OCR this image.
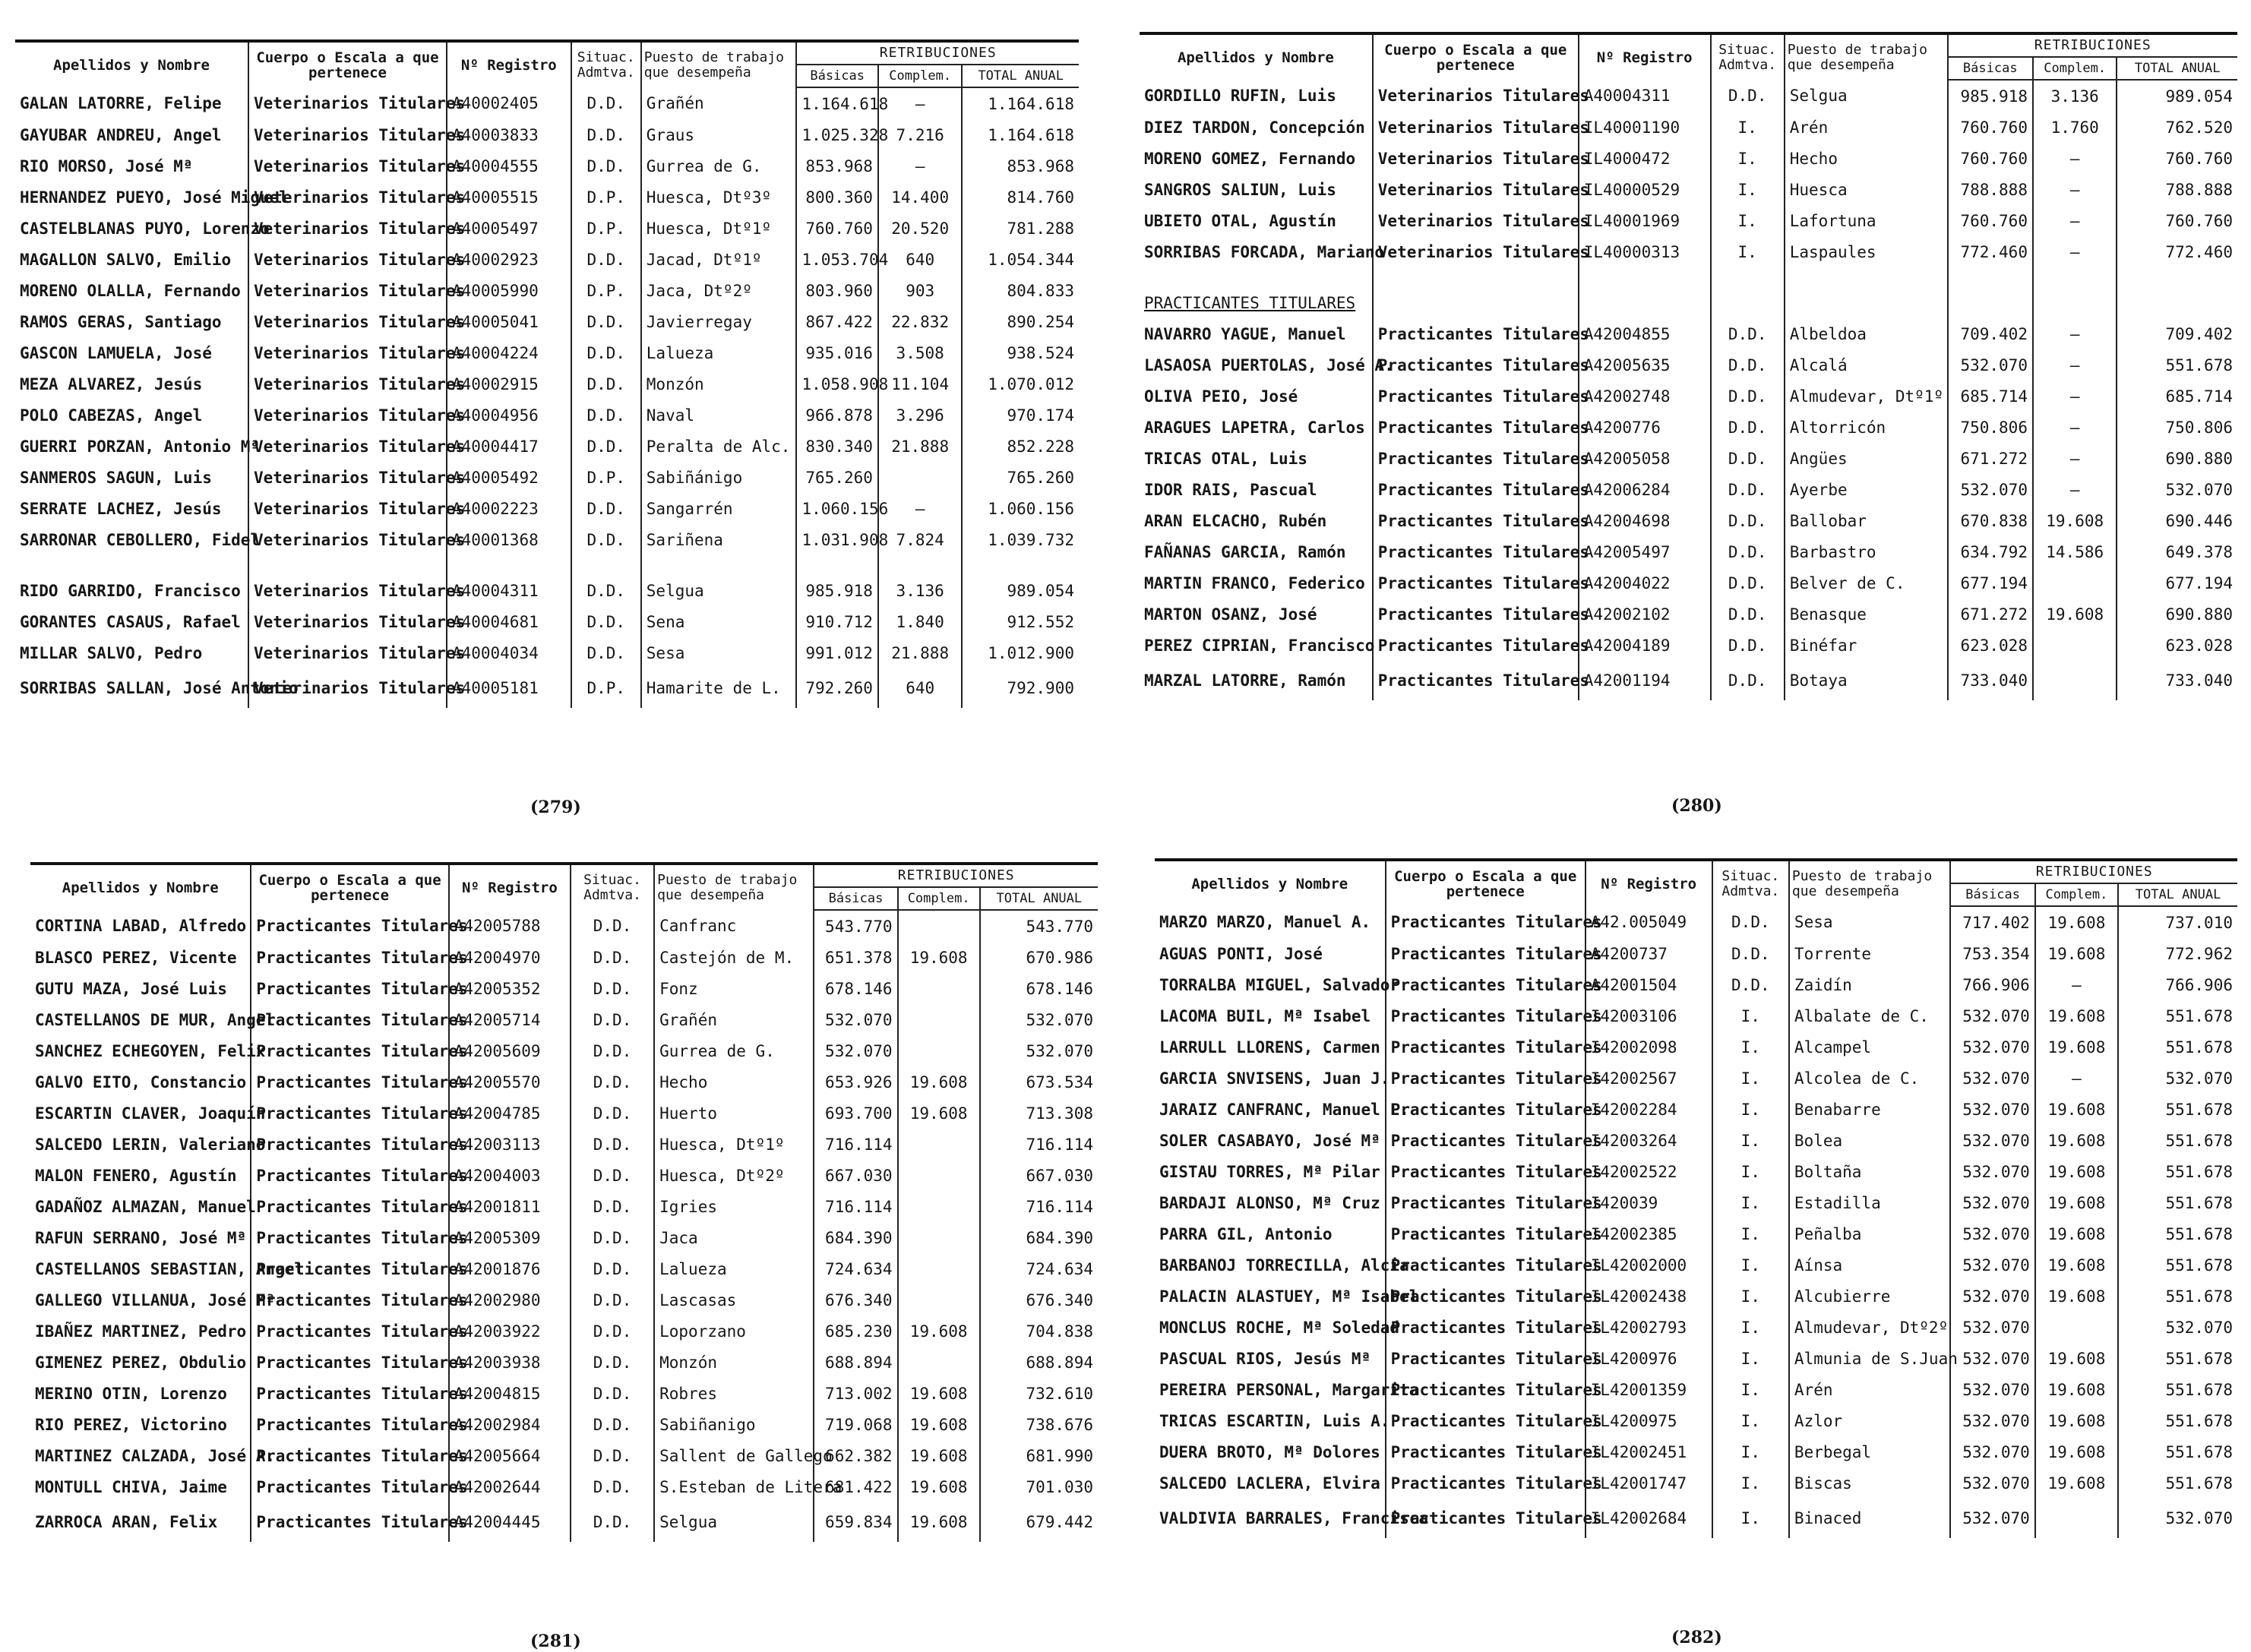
Apellidos y Nombre	Cuerpo o Escala a que pertenece	Nº Registro	Situac. Admtva.	Puesto de trabajo que desempeña	RETRIBUCIONES		
					Básicas	Complem.	TOTAL ANUAL
GALAN LATORRE, Felipe	Veterinarios Titulares	A40002405	D.D.	Grañén	1.164.618	—	1.164.618
GAYUBAR ANDREU, Angel	Veterinarios Titulares	A40003833	D.D.	Graus	1.025.328	7.216	1.164.618
RIO MORSO, José Mª	Veterinarios Titulares	A40004555	D.D.	Gurrea de G.	853.968	—	853.968
HERNANDEZ PUEYO, José Miguel	Veterinarios Titulares	A40005515	D.P.	Huesca, Dtº3º	800.360	14.400	814.760
CASTELBLANAS PUYO, Lorenzo	Veterinarios Titulares	A40005497	D.P.	Huesca, Dtº1º	760.760	20.520	781.288
MAGALLON SALVO, Emilio	Veterinarios Titulares	A40002923	D.D.	Jacad, Dtº1º	1.053.704	640	1.054.344
MORENO OLALLA, Fernando	Veterinarios Titulares	A40005990	D.P.	Jaca, Dtº2º	803.960	903	804.833
RAMOS GERAS, Santiago	Veterinarios Titulares	A40005041	D.D.	Javierregay	867.422	22.832	890.254
GASCON LAMUELA, José	Veterinarios Titulares	A40004224	D.D.	Lalueza	935.016	3.508	938.524
MEZA ALVAREZ, Jesús	Veterinarios Titulares	A40002915	D.D.	Monzón	1.058.908	11.104	1.070.012
POLO CABEZAS, Angel	Veterinarios Titulares	A40004956	D.D.	Naval	966.878	3.296	970.174
GUERRI PORZAN, Antonio Mª	Veterinarios Titulares	A40004417	D.D.	Peralta de Alc.	830.340	21.888	852.228
SANMEROS SAGUN, Luis	Veterinarios Titulares	A40005492	D.P.	Sabiñánigo	765.260		765.260
SERRATE LACHEZ, Jesús	Veterinarios Titulares	A40002223	D.D.	Sangarrén	1.060.156	—	1.060.156
SARRONAR CEBOLLERO, Fidel	Veterinarios Titulares	A40001368	D.D.	Sariñena	1.031.908	7.824	1.039.732

RIDO GARRIDO, Francisco	Veterinarios Titulares	A40004311	D.D.	Selgua	985.918	3.136	989.054
GORANTES CASAUS, Rafael	Veterinarios Titulares	A40004681	D.D.	Sena	910.712	1.840	912.552
MILLAR SALVO, Pedro	Veterinarios Titulares	A40004034	D.D.	Sesa	991.012	21.888	1.012.900
SORRIBAS SALLAN, José Antonio	Veterinarios Titulares	A40005181	D.P.	Hamarite de L.	792.260	640	792.900
Apellidos y Nombre	Cuerpo o Escala a que pertenece	Nº Registro	Situac. Admtva.	Puesto de trabajo que desempeña	RETRIBUCIONES		
					Básicas	Complem.	TOTAL ANUAL
GORDILLO RUFIN, Luis	Veterinarios Titulares	A40004311	D.D.	Selgua	985.918	3.136	989.054
DIEZ TARDON, Concepción	Veterinarios Titulares	IL40001190	I.	Arén	760.760	1.760	762.520
MORENO GOMEZ, Fernando	Veterinarios Titulares	IL4000472	I.	Hecho	760.760	—	760.760
SANGROS SALIUN, Luis	Veterinarios Titulares	IL40000529	I.	Huesca	788.888	—	788.888
UBIETO OTAL, Agustín	Veterinarios Titulares	IL40001969	I.	Lafortuna	760.760	—	760.760
SORRIBAS FORCADA, Mariano	Veterinarios Titulares	IL40000313	I.	Laspaules	772.460	—	772.460

PRACTICANTES TITULARES							
NAVARRO YAGUE, Manuel	Practicantes Titulares	A42004855	D.D.	Albeldoa	709.402	—	709.402
LASAOSA PUERTOLAS, José A.	Practicantes Titulares	A42005635	D.D.	Alcalá	532.070	—	551.678
OLIVA PEIO, José	Practicantes Titulares	A42002748	D.D.	Almudevar, Dtº1º	685.714	—	685.714
ARAGUES LAPETRA, Carlos	Practicantes Titulares	A4200776	D.D.	Altorricón	750.806	—	750.806
TRICAS OTAL, Luis	Practicantes Titulares	A42005058	D.D.	Angües	671.272	—	690.880
IDOR RAIS, Pascual	Practicantes Titulares	A42006284	D.D.	Ayerbe	532.070	—	532.070
ARAN ELCACHO, Rubén	Practicantes Titulares	A42004698	D.D.	Ballobar	670.838	19.608	690.446
FAÑANAS GARCIA, Ramón	Practicantes Titulares	A42005497	D.D.	Barbastro	634.792	14.586	649.378
MARTIN FRANCO, Federico	Practicantes Titulares	A42004022	D.D.	Belver de C.	677.194		677.194
MARTON OSANZ, José	Practicantes Titulares	A42002102	D.D.	Benasque	671.272	19.608	690.880
PEREZ CIPRIAN, Francisco	Practicantes Titulares	A42004189	D.D.	Binéfar	623.028		623.028
MARZAL LATORRE, Ramón	Practicantes Titulares	A42001194	D.D.	Botaya	733.040		733.040
Apellidos y Nombre	Cuerpo o Escala a que pertenece	Nº Registro	Situac. Admtva.	Puesto de trabajo que desempeña	RETRIBUCIONES		
					Básicas	Complem.	TOTAL ANUAL
CORTINA LABAD, Alfredo	Practicantes Titulares	A42005788	D.D.	Canfranc	543.770		543.770
BLASCO PEREZ, Vicente	Practicantes Titulares	A42004970	D.D.	Castejón de M.	651.378	19.608	670.986
GUTU MAZA, José Luis	Practicantes Titulares	A42005352	D.D.	Fonz	678.146		678.146
CASTELLANOS DE MUR, Angel	Practicantes Titulares	A42005714	D.D.	Grañén	532.070		532.070
SANCHEZ ECHEGOYEN, Felix	Practicantes Titulares	A42005609	D.D.	Gurrea de G.	532.070		532.070
GALVO EITO, Constancio	Practicantes Titulares	A42005570	D.D.	Hecho	653.926	19.608	673.534
ESCARTIN CLAVER, Joaquín	Practicantes Titulares	A42004785	D.D.	Huerto	693.700	19.608	713.308
SALCEDO LERIN, Valeriano	Practicantes Titulares	A42003113	D.D.	Huesca, Dtº1º	716.114		716.114
MALON FENERO, Agustín	Practicantes Titulares	A42004003	D.D.	Huesca, Dtº2º	667.030		667.030
GADAÑOZ ALMAZAN, Manuel	Practicantes Titulares	A42001811	D.D.	Igries	716.114		716.114
RAFUN SERRANO, José Mª	Practicantes Titulares	A42005309	D.D.	Jaca	684.390		684.390
CASTELLANOS SEBASTIAN, Angel	Practicantes Titulares	A42001876	D.D.	Lalueza	724.634		724.634
GALLEGO VILLANUA, José Mª	Practicantes Titulares	A42002980	D.D.	Lascasas	676.340		676.340
IBAÑEZ MARTINEZ, Pedro	Practicantes Titulares	A42003922	D.D.	Loporzano	685.230	19.608	704.838
GIMENEZ PEREZ, Obdulio	Practicantes Titulares	A42003938	D.D.	Monzón	688.894		688.894
MERINO OTIN, Lorenzo	Practicantes Titulares	A42004815	D.D.	Robres	713.002	19.608	732.610
RIO PEREZ, Victorino	Practicantes Titulares	A42002984	D.D.	Sabiñanigo	719.068	19.608	738.676
MARTINEZ CALZADA, José A.	Practicantes Titulares	A42005664	D.D.	Sallent de Gallego	662.382	19.608	681.990
MONTULL CHIVA, Jaime	Practicantes Titulares	A42002644	D.D.	S.Esteban de Litera	681.422	19.608	701.030
ZARROCA ARAN, Felix	Practicantes Titulares	A42004445	D.D.	Selgua	659.834	19.608	679.442
Apellidos y Nombre	Cuerpo o Escala a que pertenece	Nº Registro	Situac. Admtva.	Puesto de trabajo que desempeña	RETRIBUCIONES		
					Básicas	Complem.	TOTAL ANUAL
MARZO MARZO, Manuel A.	Practicantes Titulares	A42.005049	D.D.	Sesa	717.402	19.608	737.010
AGUAS PONTI, José	Practicantes Titulares	A4200737	D.D.	Torrente	753.354	19.608	772.962
TORRALBA MIGUEL, Salvador	Practicantes Titulares	A42001504	D.D.	Zaidín	766.906	—	766.906
LACOMA BUIL, Mª Isabel	Practicantes Titulares	I42003106	I.	Albalate de C.	532.070	19.608	551.678
LARRULL LLORENS, Carmen	Practicantes Titulares	I42002098	I.	Alcampel	532.070	19.608	551.678
GARCIA SNVISENS, Juan J.	Practicantes Titulares	I42002567	I.	Alcolea de C.	532.070	—	532.070
JARAIZ CANFRANC, Manuel L.	Practicantes Titulares	I42002284	I.	Benabarre	532.070	19.608	551.678
SOLER CASABAYO, José Mª	Practicantes Titulares	I42003264	I.	Bolea	532.070	19.608	551.678
GISTAU TORRES, Mª Pilar	Practicantes Titulares	I42002522	I.	Boltaña	532.070	19.608	551.678
BARDAJI ALONSO, Mª Cruz	Practicantes Titulares	I420039	I.	Estadilla	532.070	19.608	551.678
PARRA GIL, Antonio	Practicantes Titulares	I42002385	I.	Peñalba	532.070	19.608	551.678
BARBANOJ TORRECILLA, Alcia	Practicantes Titulares	IL42002000	I.	Aínsa	532.070	19.608	551.678
PALACIN ALASTUEY, Mª Isabel	Practicantes Titulares	IL42002438	I.	Alcubierre	532.070	19.608	551.678
MONCLUS ROCHE, Mª Soledad	Practicantes Titulares	IL42002793	I.	Almudevar, Dtº2º	532.070		532.070
PASCUAL RIOS, Jesús Mª	Practicantes Titulares	IL4200976	I.	Almunia de S.Juan	532.070	19.608	551.678
PEREIRA PERSONAL, Margarita	Practicantes Titulares	IL42001359	I.	Arén	532.070	19.608	551.678
TRICAS ESCARTIN, Luis A.	Practicantes Titulares	IL4200975	I.	Azlor	532.070	19.608	551.678
DUERA BROTO, Mª Dolores	Practicantes Titulares	IL42002451	I.	Berbegal	532.070	19.608	551.678
SALCEDO LACLERA, Elvira	Practicantes Titulares	IL42001747	I.	Biscas	532.070	19.608	551.678
VALDIVIA BARRALES, Francisca	Practicantes Titulares	IL42002684	I.	Binaced	532.070		532.070
(279)	(280)
(281)	(282)
